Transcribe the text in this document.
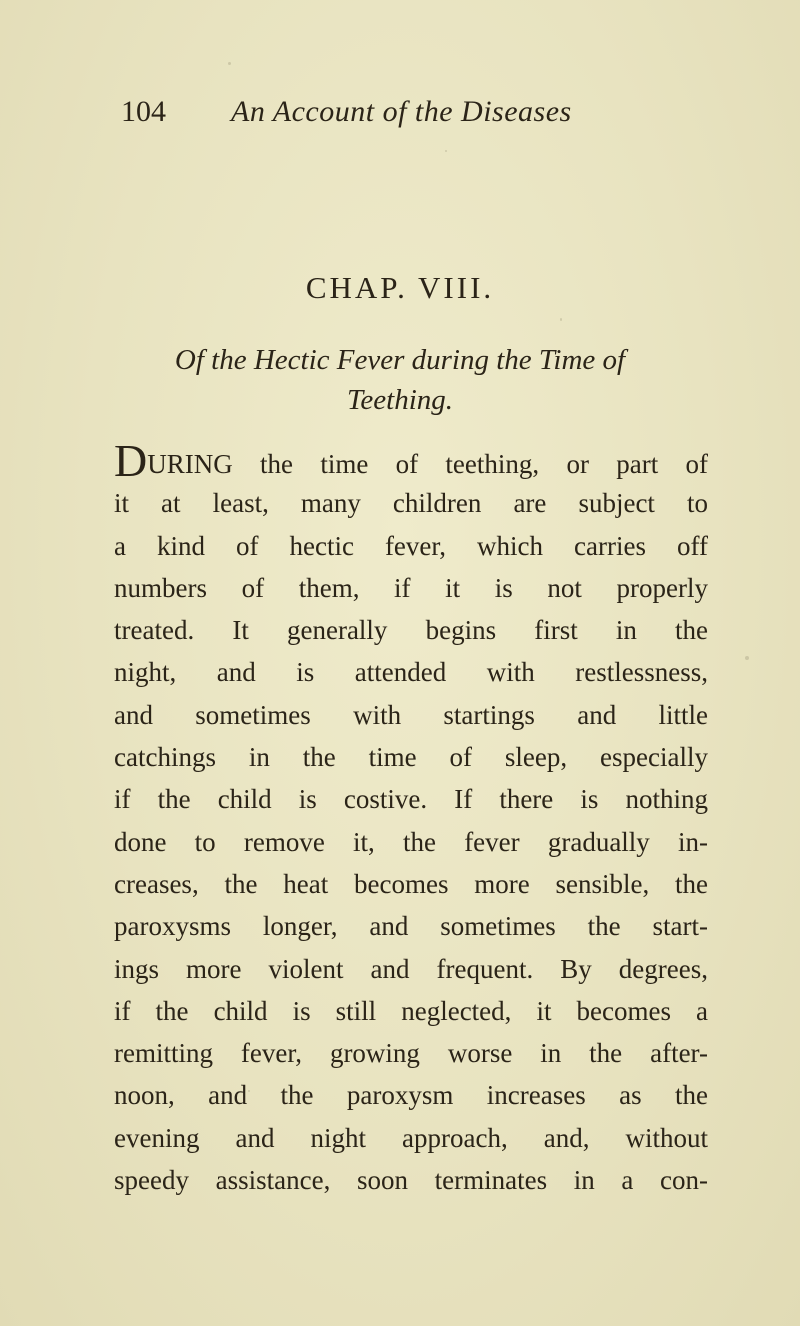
104 An Account of the Diseases
CHAP. VIII.
Of the Hectic Fever during the Time of
Teething.
DURING the time of teething, or part of
it at least, many children are subject to
a kind of hectic fever, which carries off
numbers of them, if it is not properly
treated. It generally begins first in the
night, and is attended with restlessness,
and sometimes with startings and little
catchings in the time of sleep, especially
if the child is costive. If there is nothing
done to remove it, the fever gradually in-
creases, the heat becomes more sensible, the
paroxysms longer, and sometimes the start-
ings more violent and frequent. By degrees,
if the child is still neglected, it becomes a
remitting fever, growing worse in the after-
noon, and the paroxysm increases as the
evening and night approach, and, without
speedy assistance, soon terminates in a con-
